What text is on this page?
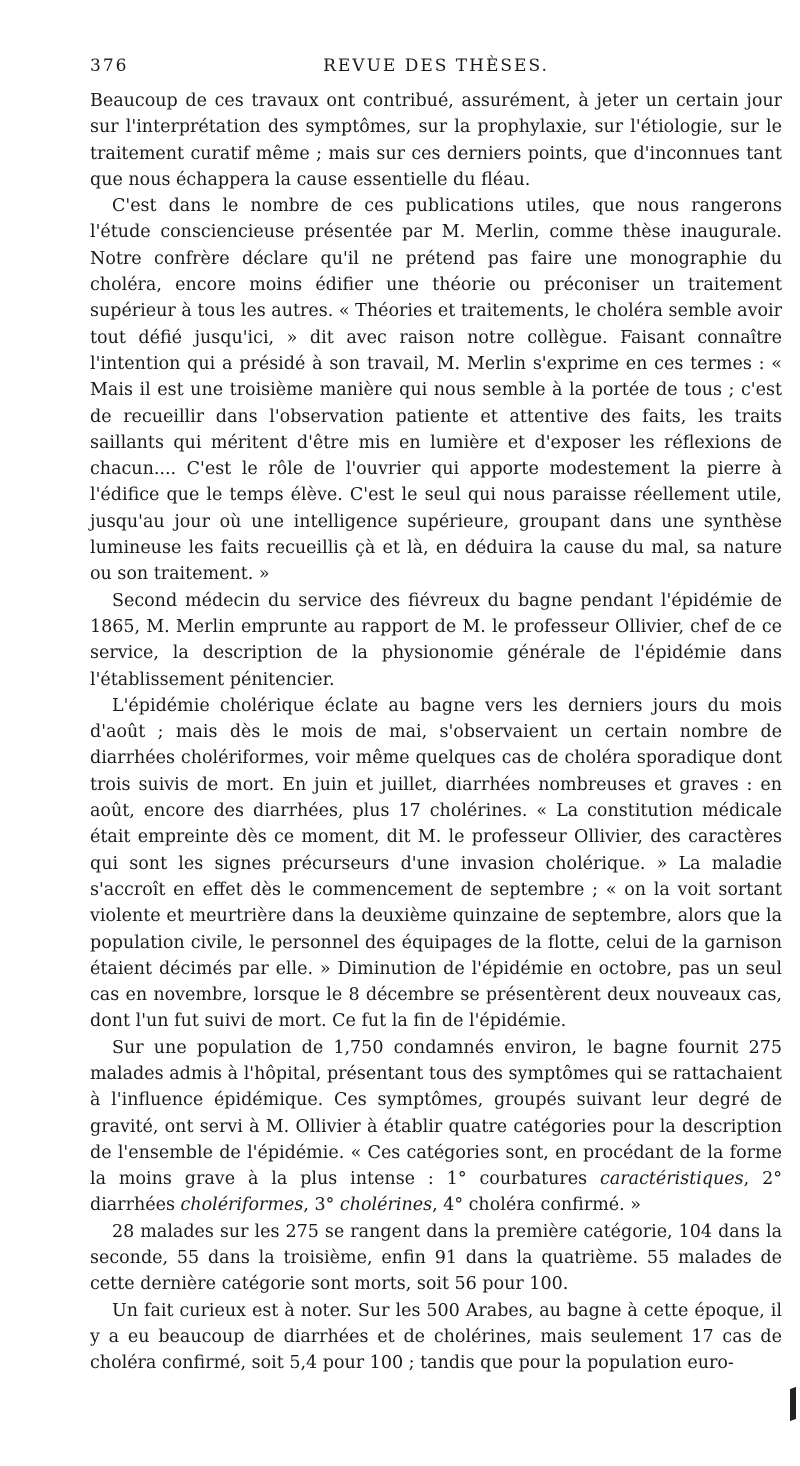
376	REVUE DES THÈSES.

Beaucoup de ces travaux ont contribué, assurément, à jeter un certain jour sur l'interprétation des symptômes, sur la prophylaxie, sur l'étiologie, sur le traitement curatif même ; mais sur ces derniers points, que d'inconnues tant que nous échappera la cause essentielle du fléau.

C'est dans le nombre de ces publications utiles, que nous rangerons l'étude consciencieuse présentée par M. Merlin, comme thèse inaugurale. Notre confrère déclare qu'il ne prétend pas faire une monographie du choléra, encore moins édifier une théorie ou préconiser un traitement supérieur à tous les autres. « Théories et traitements, le choléra semble avoir tout défié jusqu'ici, » dit avec raison notre collègue. Faisant connaître l'intention qui a présidé à son travail, M. Merlin s'exprime en ces termes : « Mais il est une troisième manière qui nous semble à la portée de tous ; c'est de recueillir dans l'observation patiente et attentive des faits, les traits saillants qui méritent d'être mis en lumière et d'exposer les réflexions de chacun.... C'est le rôle de l'ouvrier qui apporte modestement la pierre à l'édifice que le temps élève. C'est le seul qui nous paraisse réellement utile, jusqu'au jour où une intelligence supérieure, groupant dans une synthèse lumineuse les faits recueillis çà et là, en déduira la cause du mal, sa nature ou son traitement. »

Second médecin du service des fiévreux du bagne pendant l'épidémie de 1865, M. Merlin emprunte au rapport de M. le professeur Ollivier, chef de ce service, la description de la physionomie générale de l'épidémie dans l'établissement pénitencier.

L'épidémie cholérique éclate au bagne vers les derniers jours du mois d'août ; mais dès le mois de mai, s'observaient un certain nombre de diarrhées cholériformes, voir même quelques cas de choléra sporadique dont trois suivis de mort. En juin et juillet, diarrhées nombreuses et graves : en août, encore des diarrhées, plus 17 cholérines. « La constitution médicale était empreinte dès ce moment, dit M. le professeur Ollivier, des caractères qui sont les signes précurseurs d'une invasion cholérique. » La maladie s'accroît en effet dès le commencement de septembre ; « on la voit sortant violente et meurtrière dans la deuxième quinzaine de septembre, alors que la population civile, le personnel des équipages de la flotte, celui de la garnison étaient décimés par elle. » Diminution de l'épidémie en octobre, pas un seul cas en novembre, lorsque le 8 décembre se présentèrent deux nouveaux cas, dont l'un fut suivi de mort. Ce fut la fin de l'épidémie.

Sur une population de 1,750 condamnés environ, le bagne fournit 275 malades admis à l'hôpital, présentant tous des symptômes qui se rattachaient à l'influence épidémique. Ces symptômes, groupés suivant leur degré de gravité, ont servi à M. Ollivier à établir quatre catégories pour la description de l'ensemble de l'épidémie. « Ces catégories sont, en procédant de la forme la moins grave à la plus intense : 1° courbatures caractéristiques, 2° diarrhées cholériformes, 3° cholérines, 4° choléra confirmé. »

28 malades sur les 275 se rangent dans la première catégorie, 104 dans la seconde, 55 dans la troisième, enfin 91 dans la quatrième. 55 malades de cette dernière catégorie sont morts, soit 56 pour 100.

Un fait curieux est à noter. Sur les 500 Arabes, au bagne à cette époque, il y a eu beaucoup de diarrhées et de cholérines, mais seulement 17 cas de choléra confirmé, soit 5,4 pour 100 ; tandis que pour la population euro-
